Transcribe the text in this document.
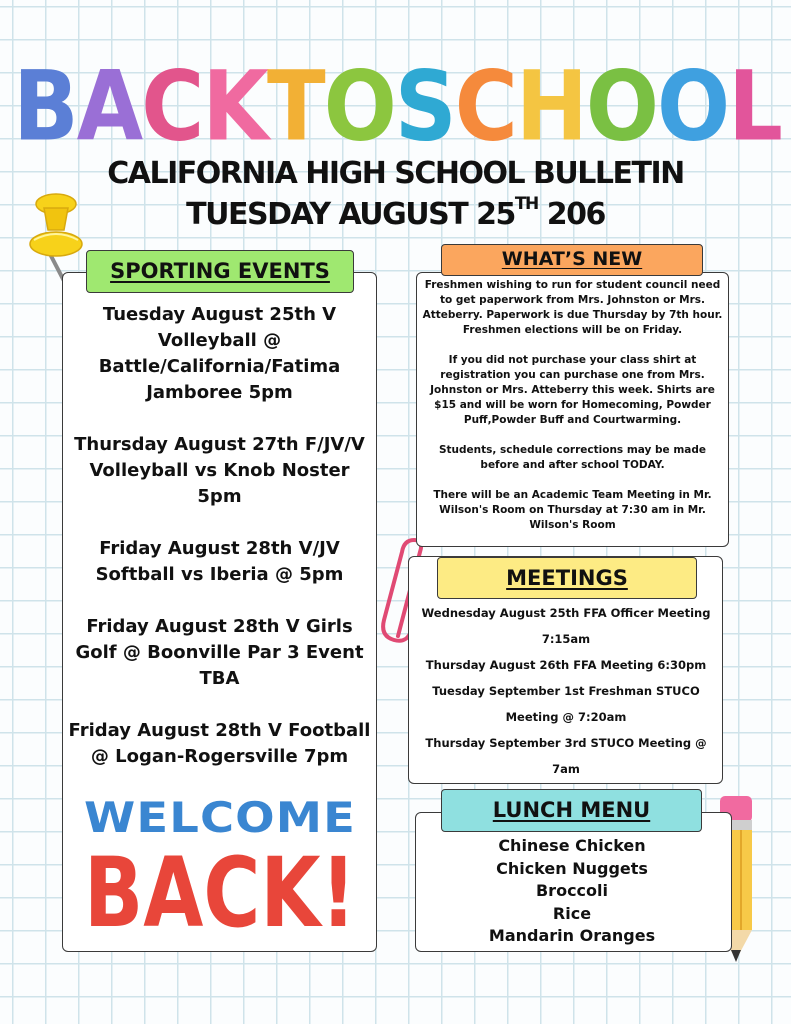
B A C K T O S C H O O L
CALIFORNIA HIGH SCHOOL BULLETIN
TUESDAY AUGUST 25TH 206
SPORTING EVENTS
Tuesday August 25th V Volleyball @ Battle/California/Fatima Jamboree 5pm
Thursday August 27th F/JV/V Volleyball vs Knob Noster 5pm
Friday August 28th V/JV Softball vs Iberia @ 5pm
Friday August 28th V Girls Golf @ Boonville Par 3 Event TBA
Friday August 28th V Football @ Logan-Rogersville 7pm
WELCOME
BACK!
WHAT’S NEW
Freshmen wishing to run for student council need to get paperwork from Mrs. Johnston or Mrs. Atteberry. Paperwork is due Thursday by 7th hour. Freshmen elections will be on Friday.
If you did not purchase your class shirt at registration you can purchase one from Mrs. Johnston or Mrs. Atteberry this week. Shirts are $15 and will be worn for Homecoming, Powder Puff,Powder Buff and Courtwarming.
Students, schedule corrections may be made before and after school TODAY.
There will be an Academic Team Meeting in Mr. Wilson's Room on Thursday at 7:30 am in Mr. Wilson's Room
MEETINGS
Wednesday August 25th FFA Officer Meeting
7:15am
Thursday August 26th FFA Meeting 6:30pm
Tuesday September 1st Freshman STUCO
Meeting @ 7:20am
Thursday September 3rd STUCO Meeting @ 7am
LUNCH MENU
Chinese Chicken
Chicken Nuggets
Broccoli
Rice
Mandarin Oranges
